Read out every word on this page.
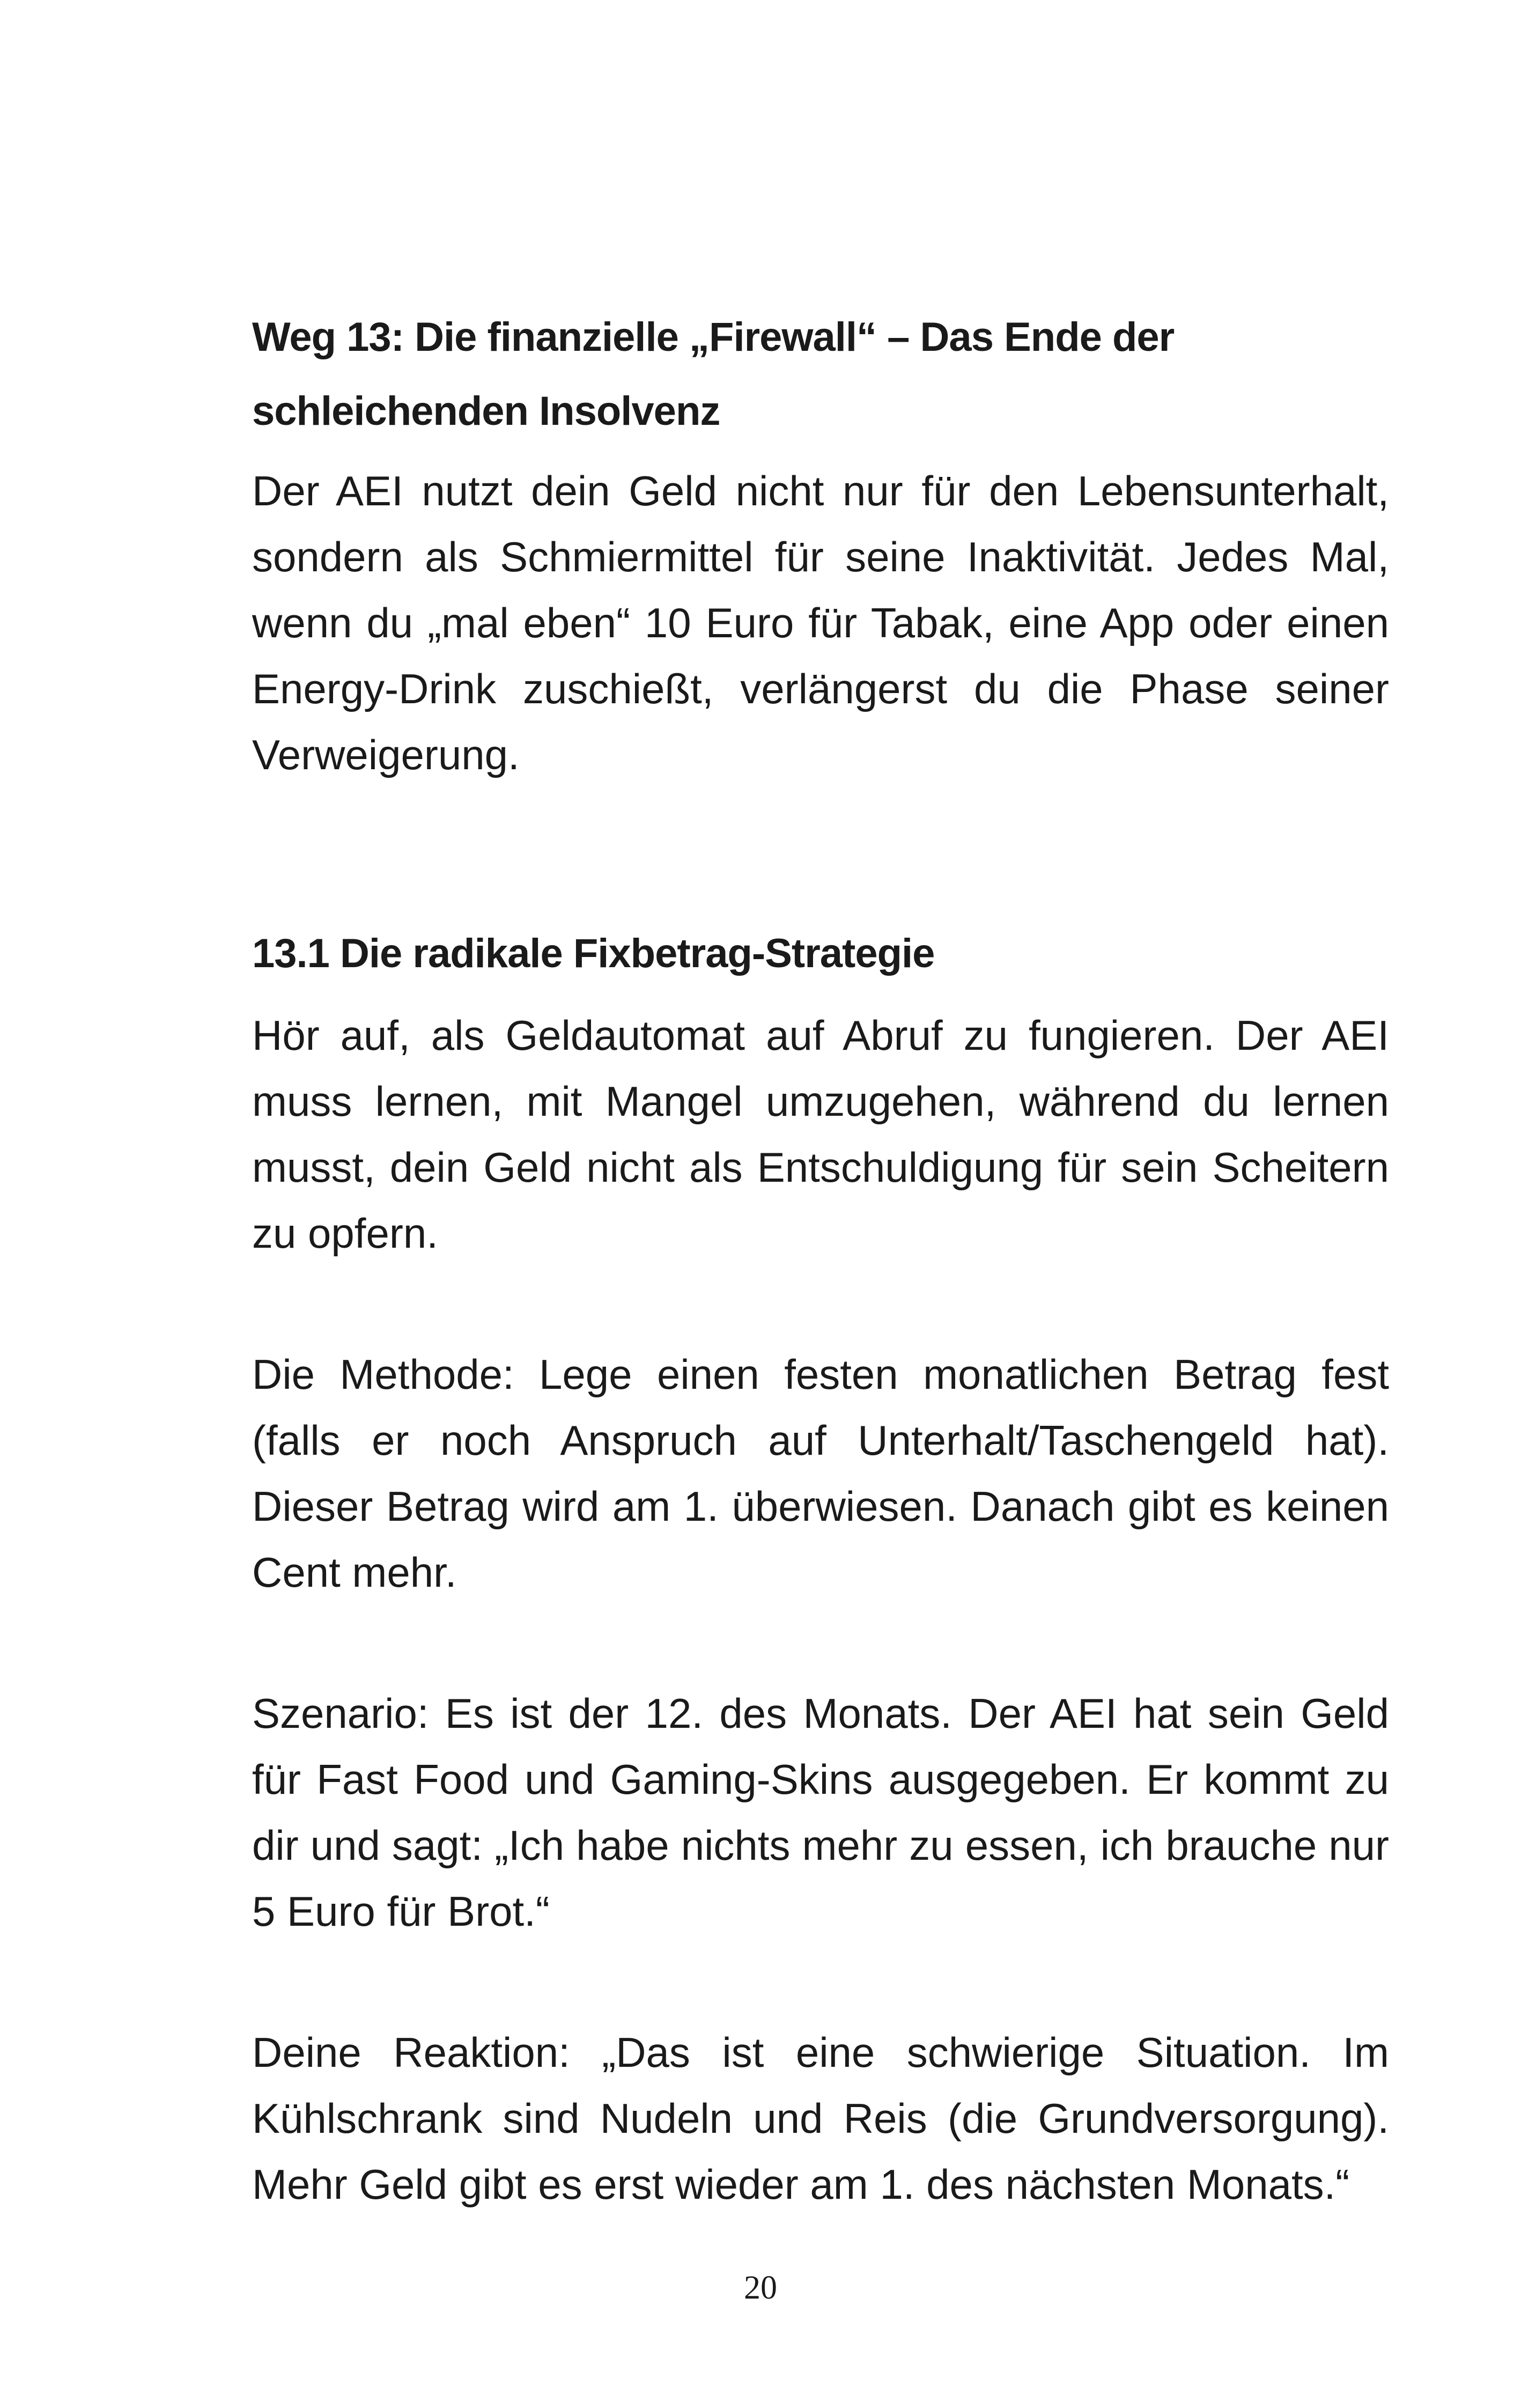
Weg 13: Die finanzielle „Firewall“ – Das Ende der schleichenden Insolvenz

Der AEI nutzt dein Geld nicht nur für den Lebensunterhalt, sondern als Schmiermittel für seine Inaktivität. Jedes Mal, wenn du „mal eben“ 10 Euro für Tabak, eine App oder einen Energy-Drink zuschießt, verlängerst du die Phase seiner Verweigerung.

13.1 Die radikale Fixbetrag-Strategie

Hör auf, als Geldautomat auf Abruf zu fungieren. Der AEI muss lernen, mit Mangel umzugehen, während du lernen musst, dein Geld nicht als Entschuldigung für sein Scheitern zu opfern.

Die Methode: Lege einen festen monatlichen Betrag fest (falls er noch Anspruch auf Unterhalt/Taschengeld hat). Dieser Betrag wird am 1. überwiesen. Danach gibt es keinen Cent mehr.

Szenario: Es ist der 12. des Monats. Der AEI hat sein Geld für Fast Food und Gaming-Skins ausgegeben. Er kommt zu dir und sagt: „Ich habe nichts mehr zu essen, ich brauche nur 5 Euro für Brot.“

Deine Reaktion: „Das ist eine schwierige Situation. Im Kühlschrank sind Nudeln und Reis (die Grundversorgung). Mehr Geld gibt es erst wieder am 1. des nächsten Monats.“

20
